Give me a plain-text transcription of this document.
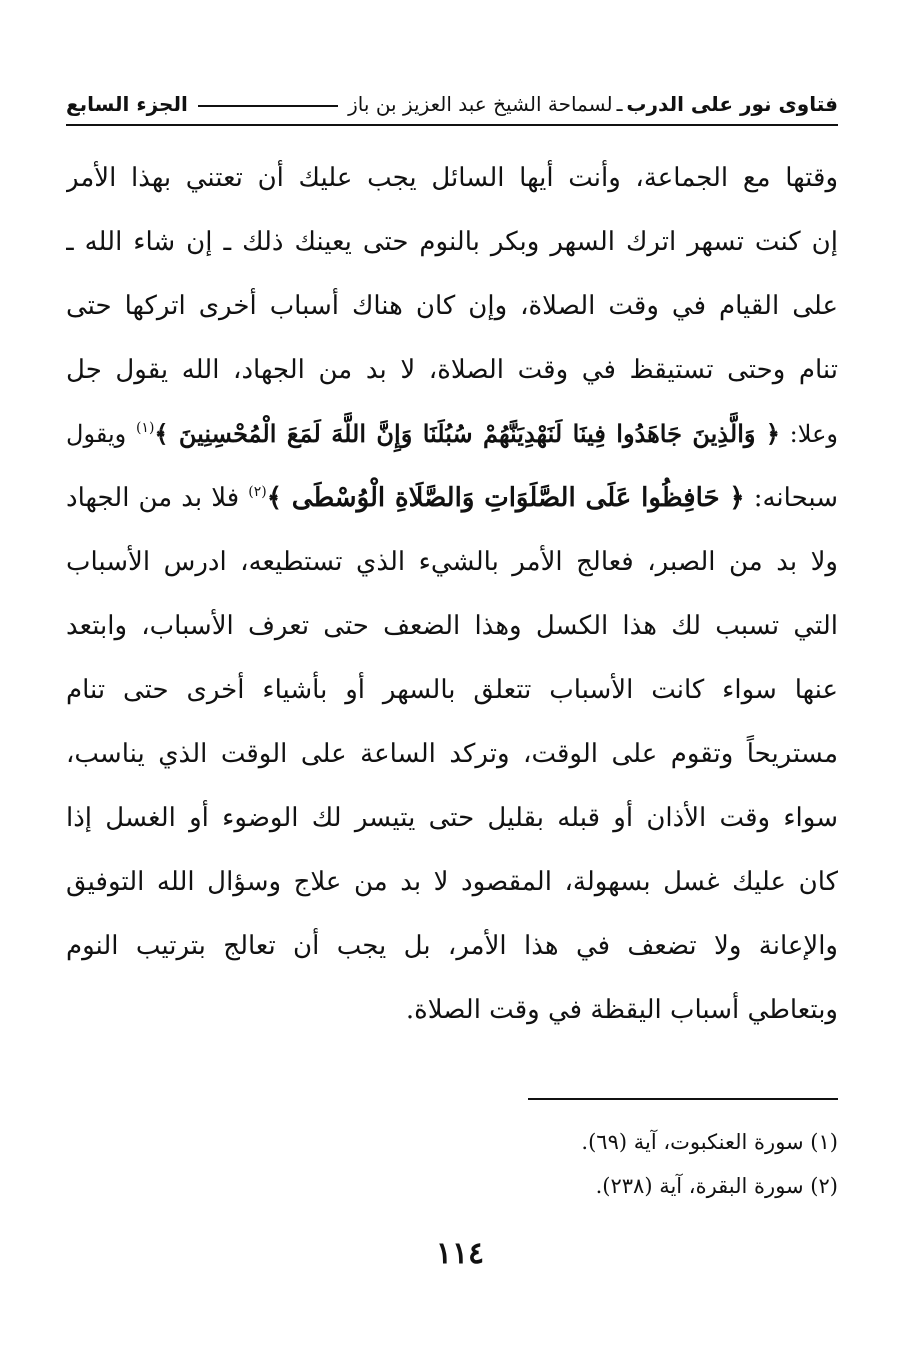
فتاوى نور على الدرب
ـ
لسماحة الشيخ عبد العزيز بن باز
الجزء السابع
وقتها مع الجماعة، وأنت أيها السائل يجب عليك أن تعتني بهذا الأمر
إن كنت تسهر اترك السهر وبكر بالنوم حتى يعينك ذلك ـ إن شاء الله ـ
على القيام في وقت الصلاة، وإن كان هناك أسباب أخرى اتركها حتى
تنام وحتى تستيقظ في وقت الصلاة، لا بد من الجهاد، الله يقول جل
وعلا: ﴿ وَالَّذِينَ جَاهَدُوا فِينَا لَنَهْدِيَنَّهُمْ سُبُلَنَا وَإِنَّ اللَّهَ لَمَعَ الْمُحْسِنِينَ ﴾$^{(١)}$ ويقول
سبحانه: ﴿ حَافِظُوا عَلَى الصَّلَوَاتِ وَالصَّلَاةِ الْوُسْطَى ﴾$^{(٢)}$ فلا بد من الجهاد
ولا بد من الصبر، فعالج الأمر بالشيء الذي تستطيعه، ادرس الأسباب
التي تسبب لك هذا الكسل وهذا الضعف حتى تعرف الأسباب، وابتعد
عنها سواء كانت الأسباب تتعلق بالسهر أو بأشياء أخرى حتى تنام
مستريحاً وتقوم على الوقت، وتركد الساعة على الوقت الذي يناسب،
سواء وقت الأذان أو قبله بقليل حتى يتيسر لك الوضوء أو الغسل إذا
كان عليك غسل بسهولة، المقصود لا بد من علاج وسؤال الله التوفيق
والإعانة ولا تضعف في هذا الأمر، بل يجب أن تعالج بترتيب النوم
وبتعاطي أسباب اليقظة في وقت الصلاة.
(١) سورة العنكبوت، آية (٦٩).
(٢) سورة البقرة، آية (٢٣٨).
١١٤
